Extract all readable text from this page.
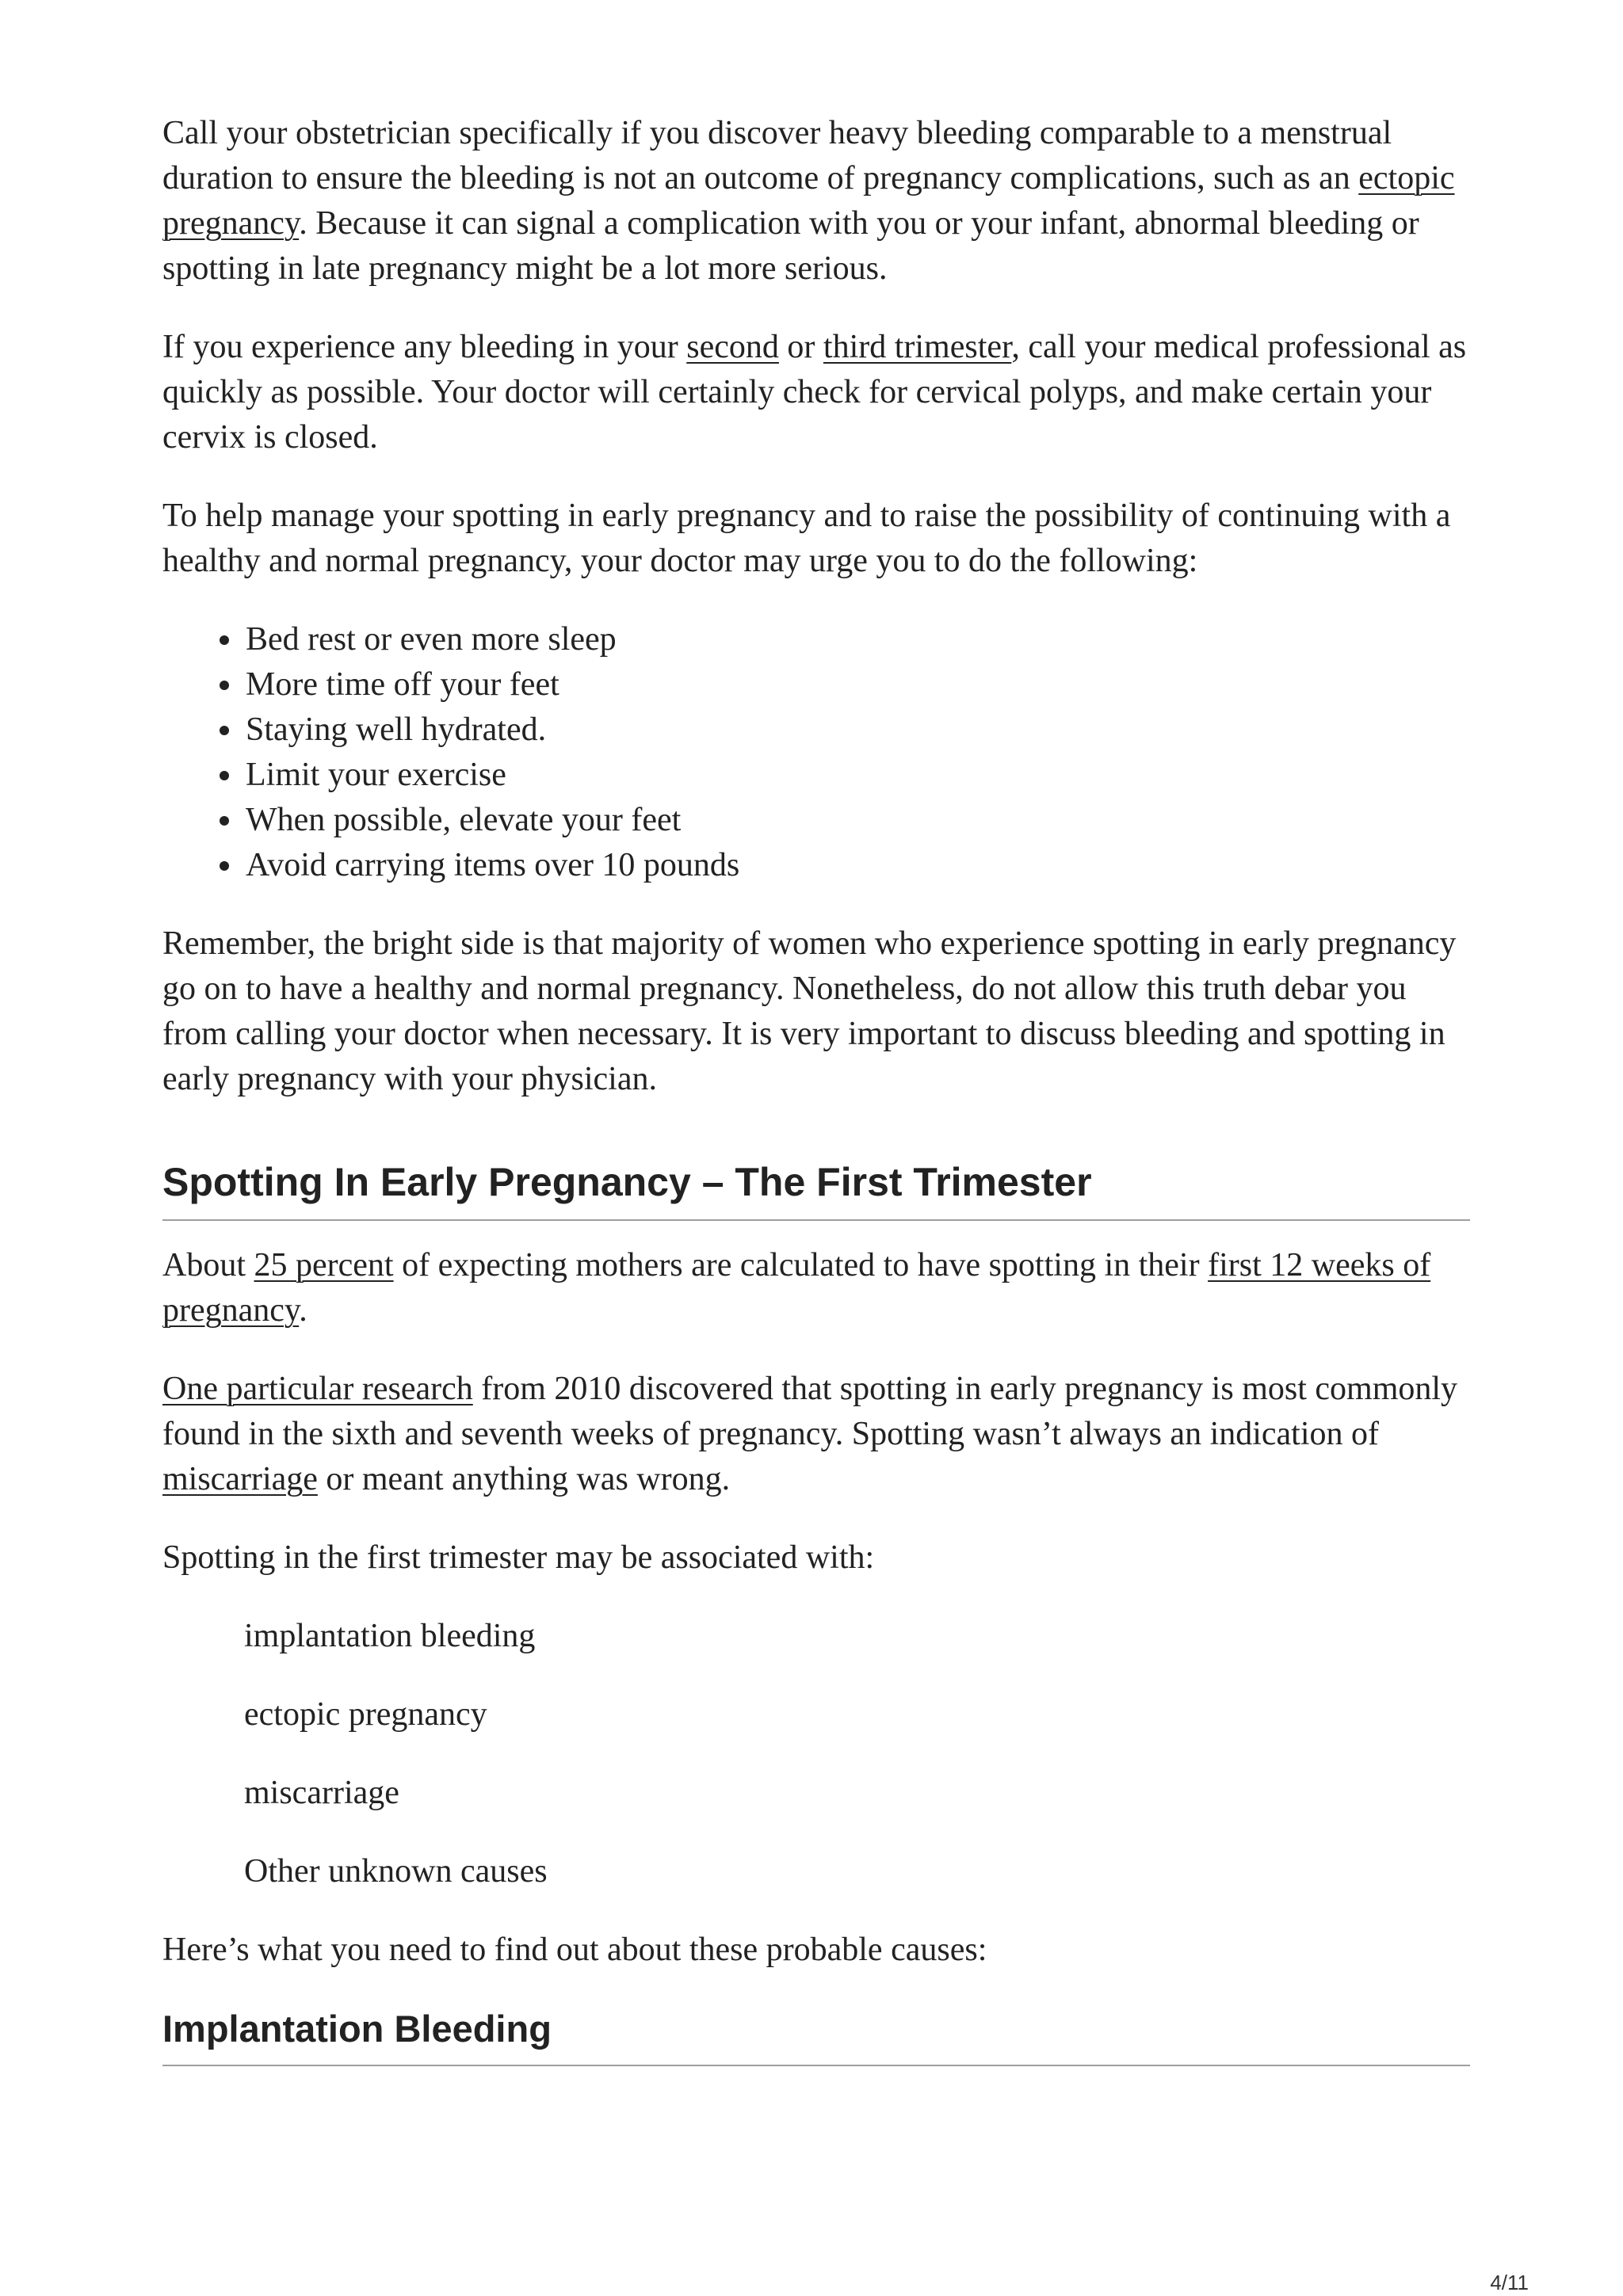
Call your obstetrician specifically if you discover heavy bleeding comparable to a menstrual duration to ensure the bleeding is not an outcome of pregnancy complications, such as an ectopic pregnancy. Because it can signal a complication with you or your infant, abnormal bleeding or spotting in late pregnancy might be a lot more serious.

If you experience any bleeding in your second or third trimester, call your medical professional as quickly as possible. Your doctor will certainly check for cervical polyps, and make certain your cervix is closed.

To help manage your spotting in early pregnancy and to raise the possibility of continuing with a healthy and normal pregnancy, your doctor may urge you to do the following:

• Bed rest or even more sleep
• More time off your feet
• Staying well hydrated.
• Limit your exercise
• When possible, elevate your feet
• Avoid carrying items over 10 pounds

Remember, the bright side is that majority of women who experience spotting in early pregnancy go on to have a healthy and normal pregnancy. Nonetheless, do not allow this truth debar you from calling your doctor when necessary. It is very important to discuss bleeding and spotting in early pregnancy with your physician.

Spotting In Early Pregnancy – The First Trimester

About 25 percent of expecting mothers are calculated to have spotting in their first 12 weeks of pregnancy.

One particular research from 2010 discovered that spotting in early pregnancy is most commonly found in the sixth and seventh weeks of pregnancy. Spotting wasn’t always an indication of miscarriage or meant anything was wrong.

Spotting in the first trimester may be associated with:

implantation bleeding
ectopic pregnancy
miscarriage
Other unknown causes

Here’s what you need to find out about these probable causes:

Implantation Bleeding
4/11
